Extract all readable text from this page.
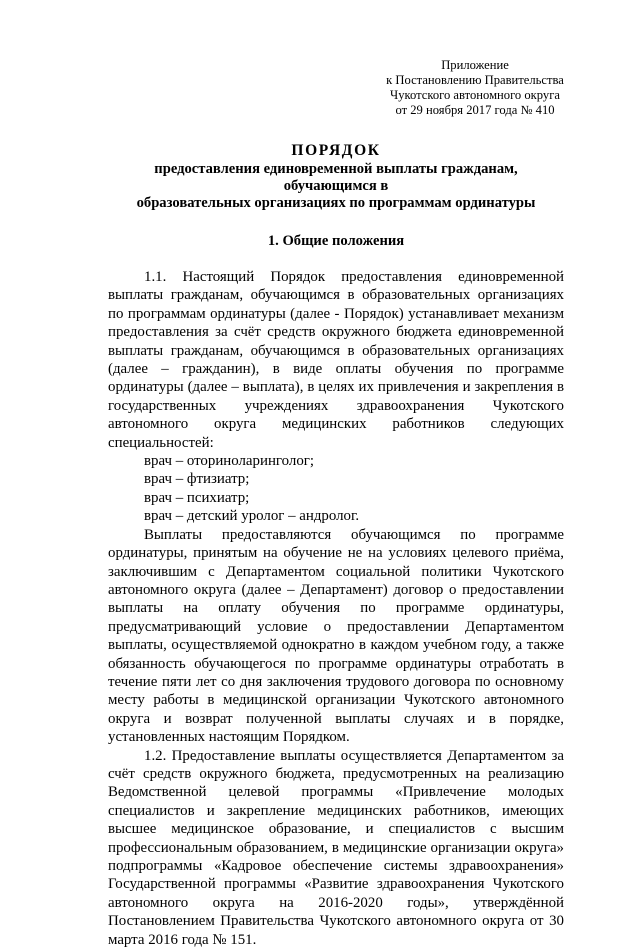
Приложение
к Постановлению Правительства
Чукотского автономного округа
от 29 ноября 2017 года № 410
ПОРЯДОК
предоставления единовременной выплаты гражданам, обучающимся в
образовательных организациях по программам ординатуры
1. Общие положения

1.1. Настоящий Порядок предоставления единовременной выплаты гражданам, обучающимся в образовательных организациях по программам ординатуры (далее - Порядок) устанавливает механизм предоставления за счёт средств окружного бюджета единовременной выплаты гражданам, обучающимся в образовательных организациях (далее – гражданин), в виде оплаты обучения по программе ординатуры (далее – выплата), в целях их привлечения и закрепления в государственных учреждениях здравоохранения Чукотского автономного округа медицинских работников следующих специальностей:

врач – оториноларинголог;

врач – фтизиатр;

врач – психиатр;

врач – детский уролог – андролог.

Выплаты предоставляются обучающимся по программе ординатуры, принятым на обучение не на условиях целевого приёма, заключившим с Департаментом социальной политики Чукотского автономного округа (далее – Департамент) договор о предоставлении выплаты на оплату обучения по программе ординатуры, предусматривающий условие о предоставлении Департаментом выплаты, осуществляемой однократно в каждом учебном году, а также обязанность обучающегося по программе ординатуры отработать в течение пяти лет со дня заключения трудового договора по основному месту работы в медицинской организации Чукотского автономного округа и возврат полученной выплаты случаях и в порядке, установленных настоящим Порядком.

1.2. Предоставление выплаты осуществляется Департаментом за счёт средств окружного бюджета, предусмотренных на реализацию Ведомственной целевой программы «Привлечение молодых специалистов и закрепление медицинских работников, имеющих высшее медицинское образование, и специалистов с высшим профессиональным образованием, в медицинские организации округа» подпрограммы «Кадровое обеспечение системы здравоохранения» Государственной программы «Развитие здравоохранения Чукотского автономного округа на 2016-2020 годы», утверждённой Постановлением Правительства Чукотского автономного округа от 30 марта 2016 года № 151.
